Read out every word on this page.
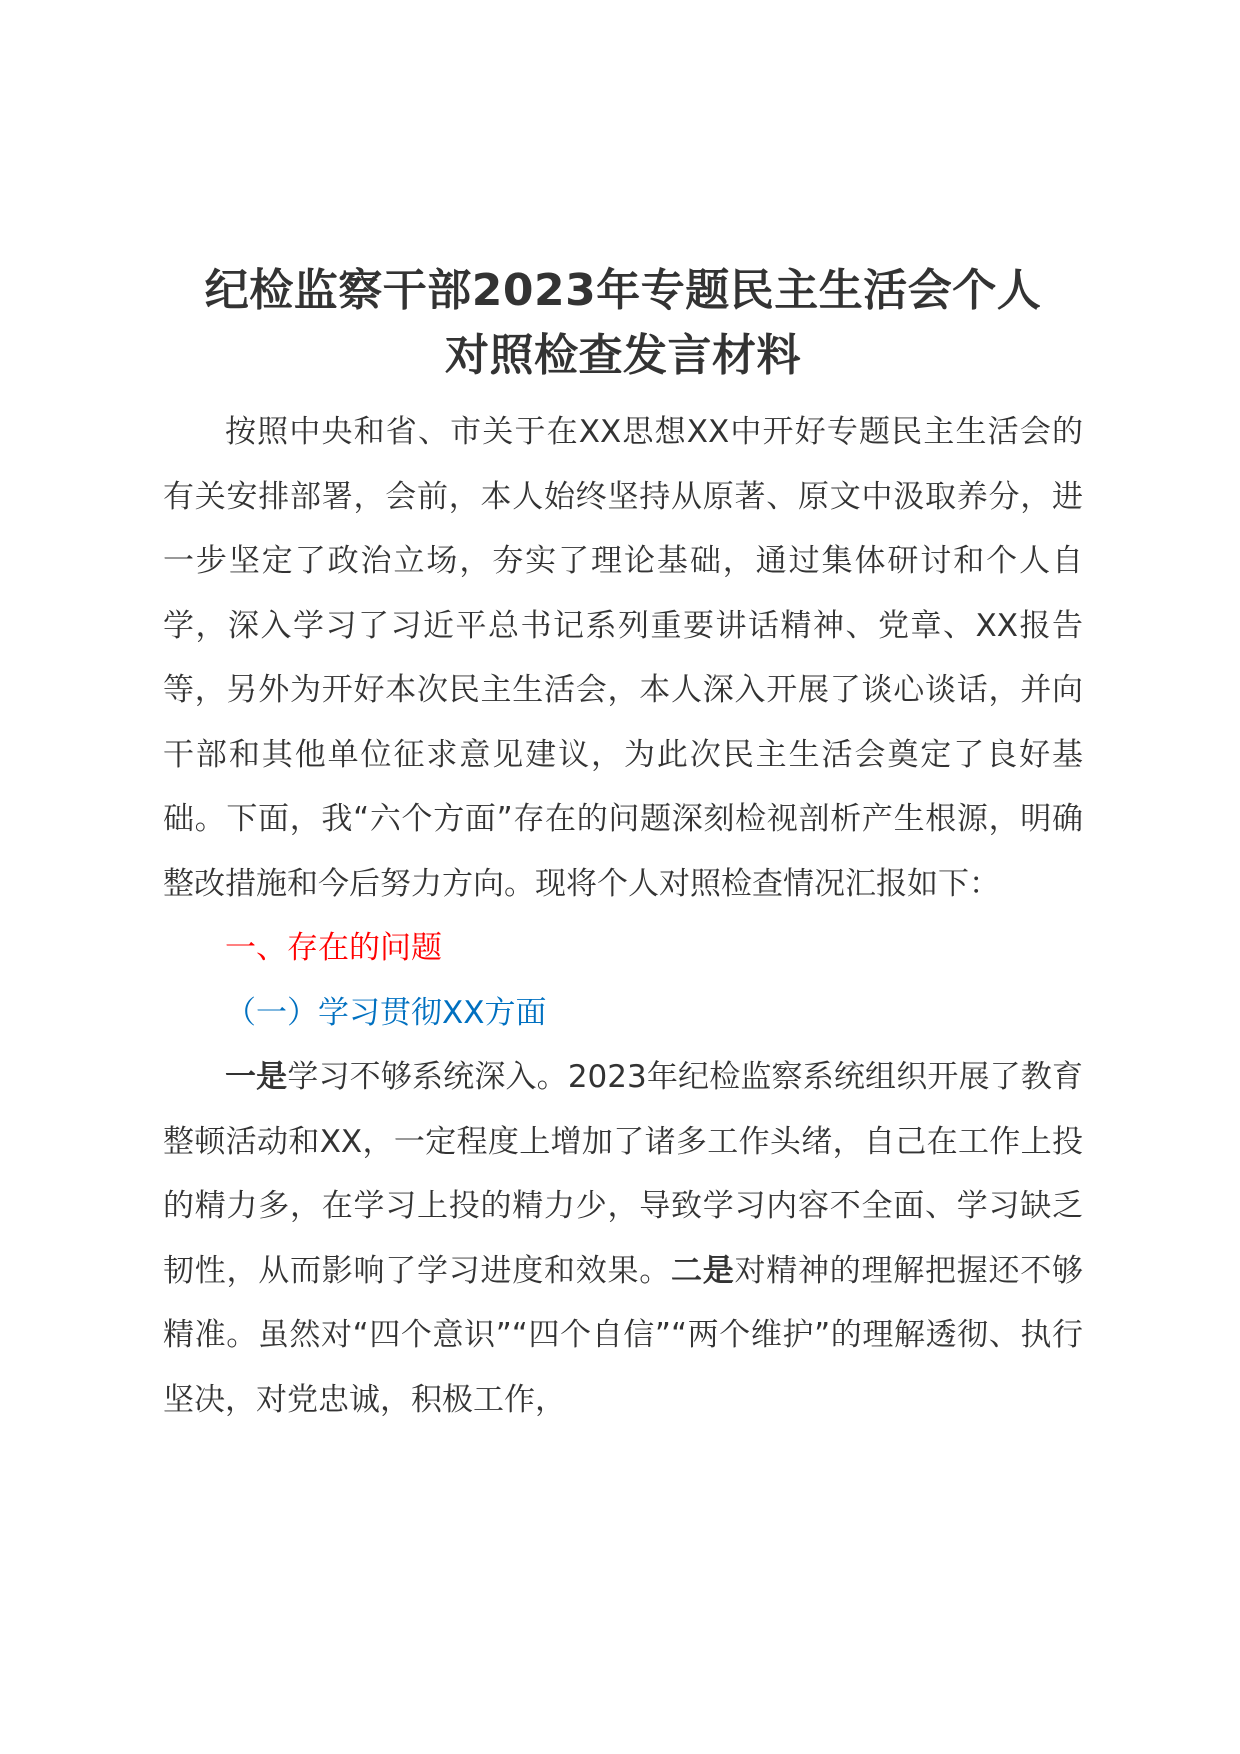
纪检监察干部2023年专题民主生活会个人
对照检查发言材料

按照中央和省、市关于在XX思想XX中开好专题民主生活会的有关安排部署，会前，本人始终坚持从原著、原文中汲取养分，进一步坚定了政治立场，夯实了理论基础，通过集体研讨和个人自学，深入学习了习近平总书记系列重要讲话精神、党章、XX报告等，另外为开好本次民主生活会，本人深入开展了谈心谈话，并向干部和其他单位征求意见建议，为此次民主生活会奠定了良好基础。下面，我“六个方面”存在的问题深刻检视剖析产生根源，明确整改措施和今后努力方向。现将个人对照检查情况汇报如下：

一、存在的问题

（一）学习贯彻XX方面

一是学习不够系统深入。2023年纪检监察系统组织开展了教育整顿活动和XX，一定程度上增加了诸多工作头绪，自己在工作上投的精力多，在学习上投的精力少，导致学习内容不全面、学习缺乏韧性，从而影响了学习进度和效果。二是对精神的理解把握还不够精准。虽然对“四个意识”“四个自信”“两个维护”的理解透彻、执行坚决，对党忠诚，积极工作，
